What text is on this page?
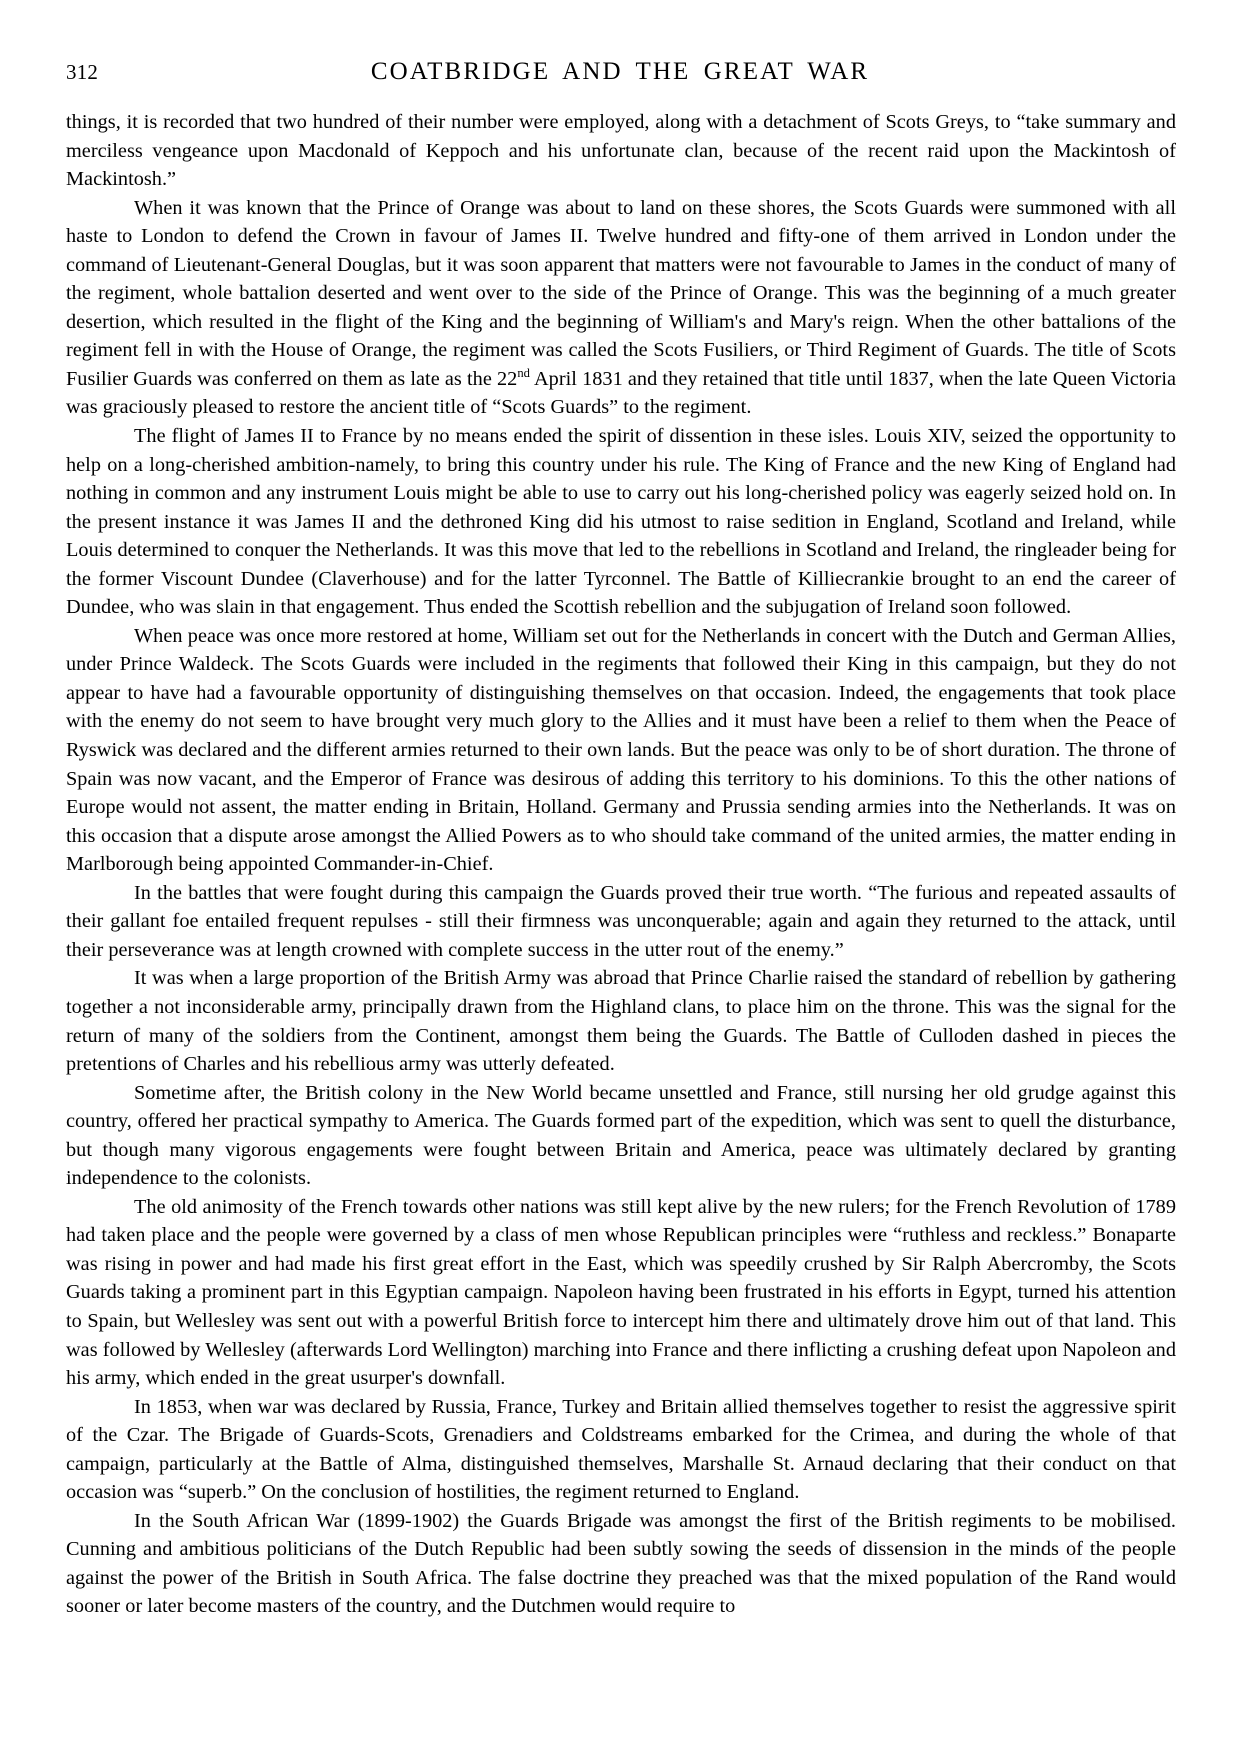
312	COATBRIDGE AND THE GREAT WAR

things, it is recorded that two hundred of their number were employed, along with a detachment of Scots Greys, to “take summary and merciless vengeance upon Macdonald of Keppoch and his unfortunate clan, because of the recent raid upon the Mackintosh of Mackintosh.”

When it was known that the Prince of Orange was about to land on these shores, the Scots Guards were summoned with all haste to London to defend the Crown in favour of James II. Twelve hundred and fifty-one of them arrived in London under the command of Lieutenant-General Douglas, but it was soon apparent that matters were not favourable to James in the conduct of many of the regiment, whole battalion deserted and went over to the side of the Prince of Orange. This was the beginning of a much greater desertion, which resulted in the flight of the King and the beginning of William's and Mary's reign. When the other battalions of the regiment fell in with the House of Orange, the regiment was called the Scots Fusiliers, or Third Regiment of Guards. The title of Scots Fusilier Guards was conferred on them as late as the 22nd April 1831 and they retained that title until 1837, when the late Queen Victoria was graciously pleased to restore the ancient title of “Scots Guards” to the regiment.

The flight of James II to France by no means ended the spirit of dissention in these isles. Louis XIV, seized the opportunity to help on a long-cherished ambition-namely, to bring this country under his rule. The King of France and the new King of England had nothing in common and any instrument Louis might be able to use to carry out his long-cherished policy was eagerly seized hold on. In the present instance it was James II and the dethroned King did his utmost to raise sedition in England, Scotland and Ireland, while Louis determined to conquer the Netherlands. It was this move that led to the rebellions in Scotland and Ireland, the ringleader being for the former Viscount Dundee (Claverhouse) and for the latter Tyrconnel. The Battle of Killiecrankie brought to an end the career of Dundee, who was slain in that engagement. Thus ended the Scottish rebellion and the subjugation of Ireland soon followed.

When peace was once more restored at home, William set out for the Netherlands in concert with the Dutch and German Allies, under Prince Waldeck. The Scots Guards were included in the regiments that followed their King in this campaign, but they do not appear to have had a favourable opportunity of distinguishing themselves on that occasion. Indeed, the engagements that took place with the enemy do not seem to have brought very much glory to the Allies and it must have been a relief to them when the Peace of Ryswick was declared and the different armies returned to their own lands. But the peace was only to be of short duration. The throne of Spain was now vacant, and the Emperor of France was desirous of adding this territory to his dominions. To this the other nations of Europe would not assent, the matter ending in Britain, Holland. Germany and Prussia sending armies into the Netherlands. It was on this occasion that a dispute arose amongst the Allied Powers as to who should take command of the united armies, the matter ending in Marlborough being appointed Commander-in-Chief.

In the battles that were fought during this campaign the Guards proved their true worth. “The furious and repeated assaults of their gallant foe entailed frequent repulses - still their firmness was unconquerable; again and again they returned to the attack, until their perseverance was at length crowned with complete success in the utter rout of the enemy.”

It was when a large proportion of the British Army was abroad that Prince Charlie raised the standard of rebellion by gathering together a not inconsiderable army, principally drawn from the Highland clans, to place him on the throne. This was the signal for the return of many of the soldiers from the Continent, amongst them being the Guards. The Battle of Culloden dashed in pieces the pretentions of Charles and his rebellious army was utterly defeated.

Sometime after, the British colony in the New World became unsettled and France, still nursing her old grudge against this country, offered her practical sympathy to America. The Guards formed part of the expedition, which was sent to quell the disturbance, but though many vigorous engagements were fought between Britain and America, peace was ultimately declared by granting independence to the colonists.

The old animosity of the French towards other nations was still kept alive by the new rulers; for the French Revolution of 1789 had taken place and the people were governed by a class of men whose Republican principles were “ruthless and reckless.” Bonaparte was rising in power and had made his first great effort in the East, which was speedily crushed by Sir Ralph Abercromby, the Scots Guards taking a prominent part in this Egyptian campaign. Napoleon having been frustrated in his efforts in Egypt, turned his attention to Spain, but Wellesley was sent out with a powerful British force to intercept him there and ultimately drove him out of that land. This was followed by Wellesley (afterwards Lord Wellington) marching into France and there inflicting a crushing defeat upon Napoleon and his army, which ended in the great usurper's downfall.

In 1853, when war was declared by Russia, France, Turkey and Britain allied themselves together to resist the aggressive spirit of the Czar. The Brigade of Guards-Scots, Grenadiers and Coldstreams embarked for the Crimea, and during the whole of that campaign, particularly at the Battle of Alma, distinguished themselves, Marshalle St. Arnaud declaring that their conduct on that occasion was “superb.” On the conclusion of hostilities, the regiment returned to England.

In the South African War (1899-1902) the Guards Brigade was amongst the first of the British regiments to be mobilised. Cunning and ambitious politicians of the Dutch Republic had been subtly sowing the seeds of dissension in the minds of the people against the power of the British in South Africa. The false doctrine they preached was that the mixed population of the Rand would sooner or later become masters of the country, and the Dutchmen would require to
